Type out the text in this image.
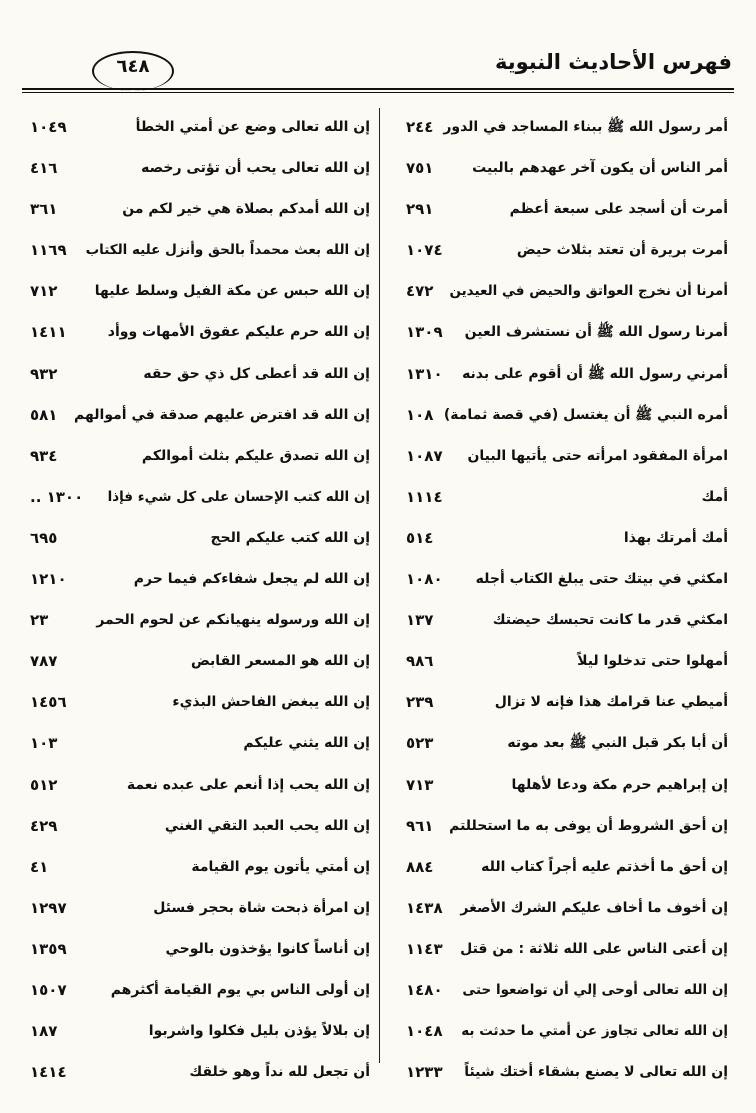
فهرس الأحاديث النبوية
٦٤٨
أمر رسول الله ﷺ ببناء المساجد في الدور
٢٤٤
أمر الناس أن يكون آخر عهدهم بالبيت
٧٥١
أمرت أن أسجد على سبعة أعظم
٢٩١
أمرت بريرة أن تعتد بثلاث حيض
١٠٧٤
أمرنا أن نخرج العواتق والحيض في العيدين
٤٧٢
أمرنا رسول الله ﷺ أن نستشرف العين
١٣٠٩
أمرني رسول الله ﷺ أن أقوم على بدنه
١٣١٠
أمره النبي ﷺ أن يغتسل (في قصة ثمامة)
١٠٨
امرأة المفقود امرأته حتى يأتيها البيان
١٠٨٧
أمك
١١١٤
أمك أمرتك بهذا
٥١٤
امكثي في بيتك حتى يبلغ الكتاب أجله
١٠٨٠
امكثي قدر ما كانت تحبسك حيضتك
١٣٧
أمهلوا حتى تدخلوا ليلاً
٩٨٦
أميطي عنا قرامك هذا فإنه لا تزال
٢٣٩
أن أبا بكر قبل النبي ﷺ بعد موته
٥٢٣
إن إبراهيم حرم مكة ودعا لأهلها
٧١٣
إن أحق الشروط أن يوفى به ما استحللتم
٩٦١
إن أحق ما أخذتم عليه أجراً كتاب الله
٨٨٤
إن أخوف ما أخاف عليكم الشرك الأصغر
١٤٣٨
إن أعتى الناس على الله ثلاثة : من قتل
١١٤٣
إن الله تعالى أوحى إلي أن تواضعوا حتى
١٤٨٠
إن الله تعالى تجاوز عن أمتي ما حدثت به
١٠٤٨
إن الله تعالى لا يصنع بشقاء أختك شيئاً
١٢٣٣
إن الله تعالى وضع عن أمتي الخطأ
١٠٤٩
إن الله تعالى يحب أن تؤتى رخصه
٤١٦
إن الله أمدكم بصلاة هي خير لكم من
٣٦١
إن الله بعث محمداً بالحق وأنزل عليه الكتاب
١١٦٩
إن الله حبس عن مكة الفيل وسلط عليها
٧١٢
إن الله حرم عليكم عقوق الأمهات ووأد
١٤١١
إن الله قد أعطى كل ذي حق حقه
٩٣٢
إن الله قد افترض عليهم صدقة في أموالهم
٥٨١
إن الله تصدق عليكم بثلث أموالكم
٩٣٤
إن الله كتب الإحسان على كل شيء فإذا
١٣٠٠ ..
إن الله كتب عليكم الحج
٦٩٥
إن الله لم يجعل شفاءكم فيما حرم
١٢١٠
إن الله ورسوله ينهيانكم عن لحوم الحمر
٢٣
إن الله هو المسعر القابض
٧٨٧
إن الله يبغض الفاحش البذيء
١٤٥٦
إن الله يثني عليكم
١٠٣
إن الله يحب إذا أنعم على عبده نعمة
٥١٢
إن الله يحب العبد التقي الغني
٤٢٩
إن أمتي يأتون يوم القيامة
٤١
إن امرأة ذبحت شاة بحجر فسئل
١٢٩٧
إن أناساً كانوا يؤخذون بالوحي
١٣٥٩
إن أولى الناس بي يوم القيامة أكثرهم
١٥٠٧
إن بلالاً يؤذن بليل فكلوا واشربوا
١٨٧
أن تجعل لله نداً وهو خلقك
١٤١٤
